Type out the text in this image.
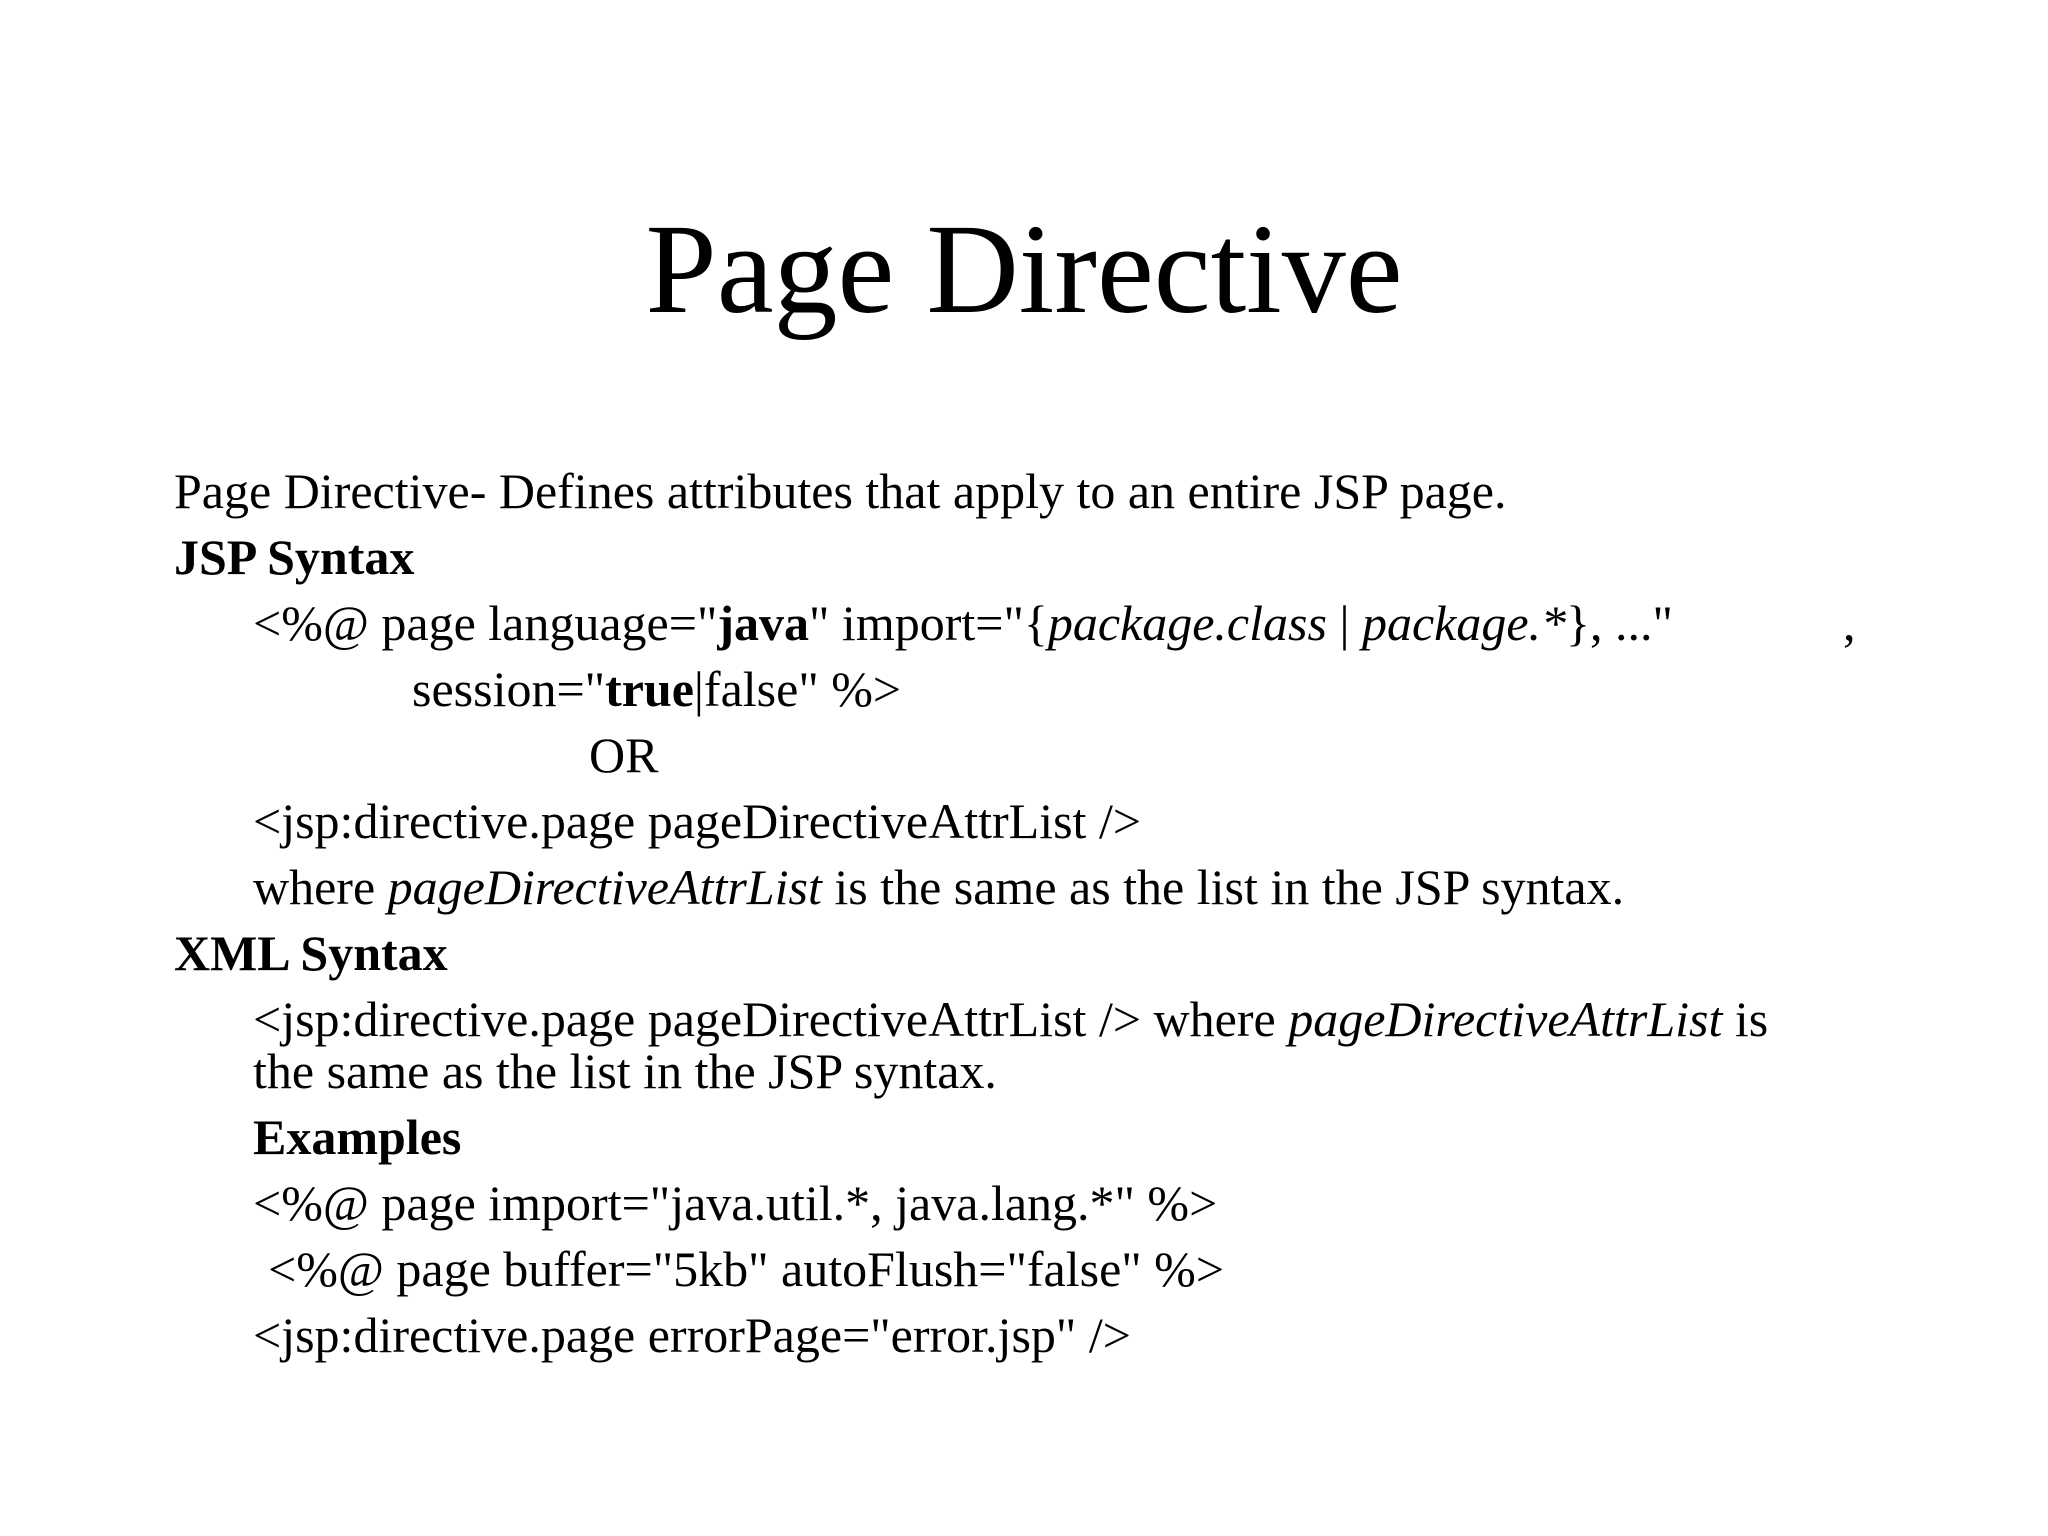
Page Directive
Page Directive- Defines attributes that apply to an entire JSP page.
JSP Syntax
<%@ page language="java" import="{package.class | package.*}, ..."	,
session="true|false" %>
OR
<jsp:directive.page pageDirectiveAttrList />
where pageDirectiveAttrList is the same as the list in the JSP syntax.
XML Syntax
<jsp:directive.page pageDirectiveAttrList /> where pageDirectiveAttrList is
the same as the list in the JSP syntax.
Examples
<%@ page import="java.util.*, java.lang.*" %>
<%@ page buffer="5kb" autoFlush="false" %>
<jsp:directive.page errorPage="error.jsp" />
